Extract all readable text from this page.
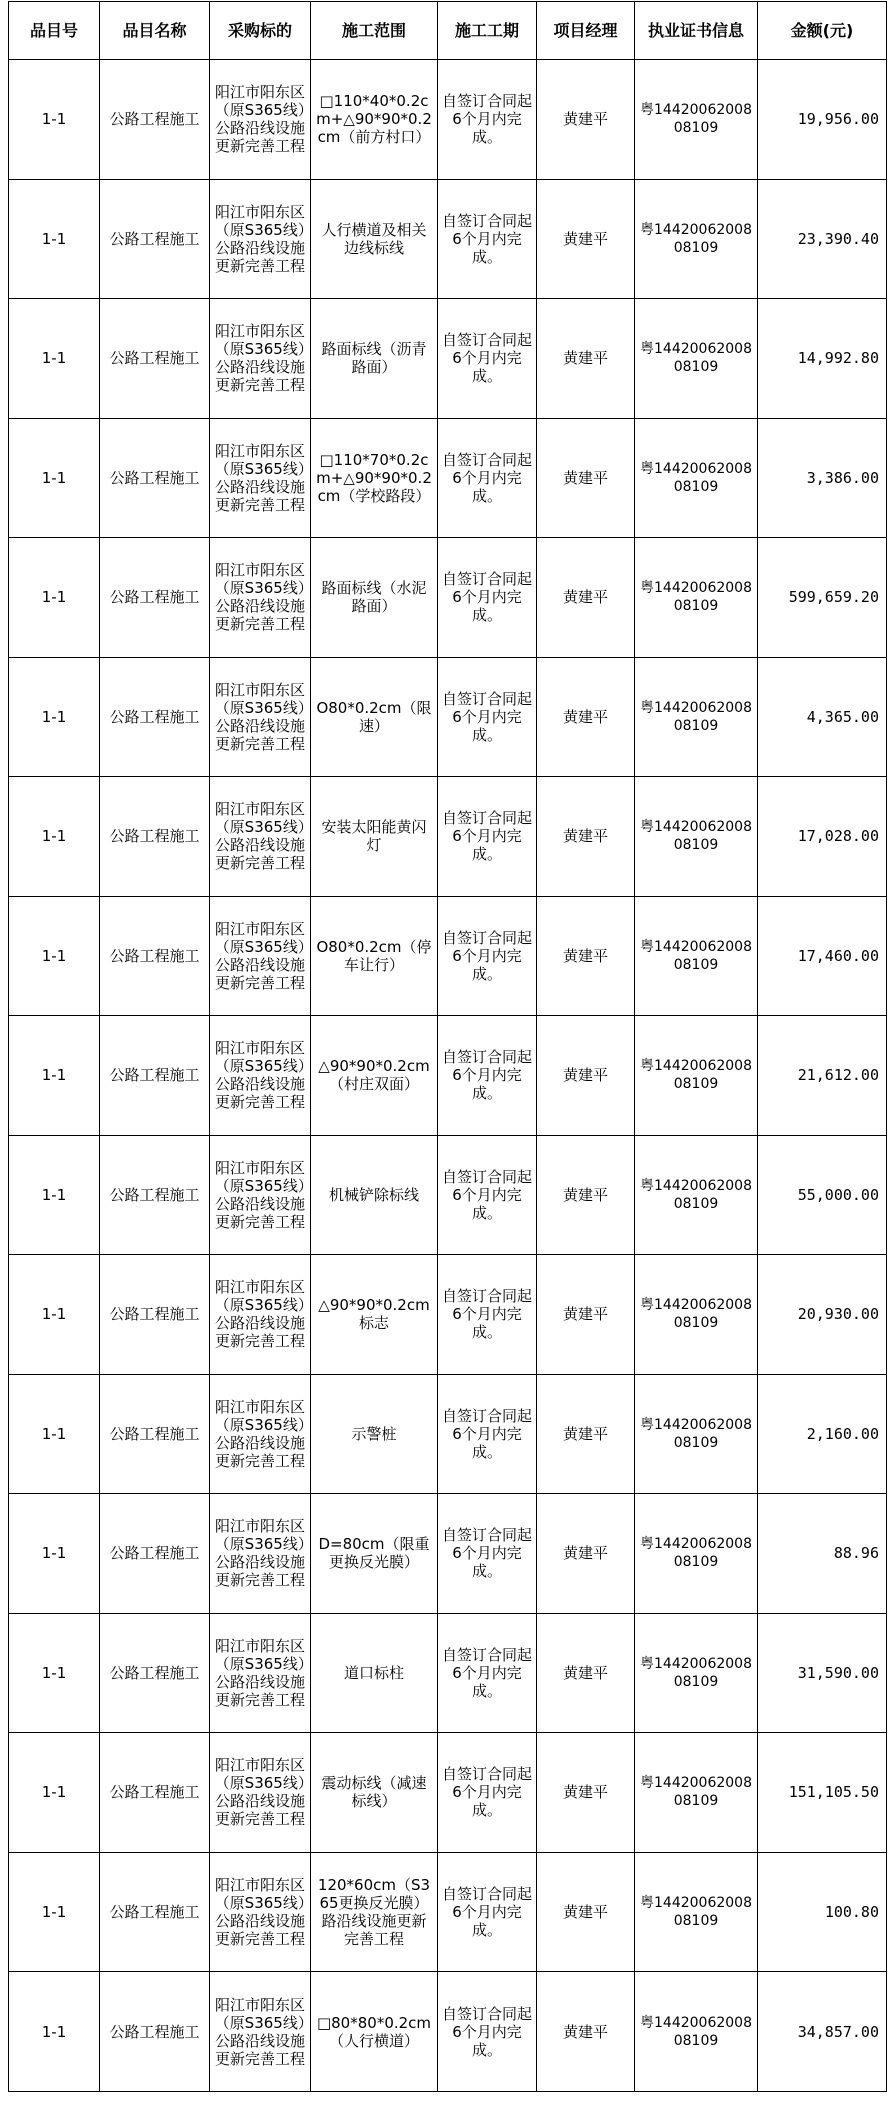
品目号	品目名称	采购标的	施工范围	施工工期	项目经理	执业证书信息	金额(元)
1-1	公路工程施工	阳江市阳东区（原S365线）公路沿线设施更新完善工程	□110*40*0.2cm+△90*90*0.2cm（前方村口）	自签订合同起6个月内完成。	黄建平	粤1442006200808109	19,956.00
1-1	公路工程施工	阳江市阳东区（原S365线）公路沿线设施更新完善工程	人行横道及相关边线标线	自签订合同起6个月内完成。	黄建平	粤1442006200808109	23,390.40
1-1	公路工程施工	阳江市阳东区（原S365线）公路沿线设施更新完善工程	路面标线（沥青路面）	自签订合同起6个月内完成。	黄建平	粤1442006200808109	14,992.80
1-1	公路工程施工	阳江市阳东区（原S365线）公路沿线设施更新完善工程	□110*70*0.2cm+△90*90*0.2cm（学校路段）	自签订合同起6个月内完成。	黄建平	粤1442006200808109	3,386.00
1-1	公路工程施工	阳江市阳东区（原S365线）公路沿线设施更新完善工程	路面标线（水泥路面）	自签订合同起6个月内完成。	黄建平	粤1442006200808109	599,659.20
1-1	公路工程施工	阳江市阳东区（原S365线）公路沿线设施更新完善工程	O80*0.2cm（限速）	自签订合同起6个月内完成。	黄建平	粤1442006200808109	4,365.00
1-1	公路工程施工	阳江市阳东区（原S365线）公路沿线设施更新完善工程	安装太阳能黄闪灯	自签订合同起6个月内完成。	黄建平	粤1442006200808109	17,028.00
1-1	公路工程施工	阳江市阳东区（原S365线）公路沿线设施更新完善工程	O80*0.2cm（停车让行）	自签订合同起6个月内完成。	黄建平	粤1442006200808109	17,460.00
1-1	公路工程施工	阳江市阳东区（原S365线）公路沿线设施更新完善工程	△90*90*0.2cm（村庄双面）	自签订合同起6个月内完成。	黄建平	粤1442006200808109	21,612.00
1-1	公路工程施工	阳江市阳东区（原S365线）公路沿线设施更新完善工程	机械铲除标线	自签订合同起6个月内完成。	黄建平	粤1442006200808109	55,000.00
1-1	公路工程施工	阳江市阳东区（原S365线）公路沿线设施更新完善工程	△90*90*0.2cm标志	自签订合同起6个月内完成。	黄建平	粤1442006200808109	20,930.00
1-1	公路工程施工	阳江市阳东区（原S365线）公路沿线设施更新完善工程	示警桩	自签订合同起6个月内完成。	黄建平	粤1442006200808109	2,160.00
1-1	公路工程施工	阳江市阳东区（原S365线）公路沿线设施更新完善工程	D=80cm（限重更换反光膜）	自签订合同起6个月内完成。	黄建平	粤1442006200808109	88.96
1-1	公路工程施工	阳江市阳东区（原S365线）公路沿线设施更新完善工程	道口标柱	自签订合同起6个月内完成。	黄建平	粤1442006200808109	31,590.00
1-1	公路工程施工	阳江市阳东区（原S365线）公路沿线设施更新完善工程	震动标线（减速标线）	自签订合同起6个月内完成。	黄建平	粤1442006200808109	151,105.50
1-1	公路工程施工	阳江市阳东区（原S365线）公路沿线设施更新完善工程	120*60cm（S365更换反光膜）路沿线设施更新完善工程	自签订合同起6个月内完成。	黄建平	粤1442006200808109	100.80
1-1	公路工程施工	阳江市阳东区（原S365线）公路沿线设施更新完善工程	□80*80*0.2cm（人行横道）	自签订合同起6个月内完成。	黄建平	粤1442006200808109	34,857.00
